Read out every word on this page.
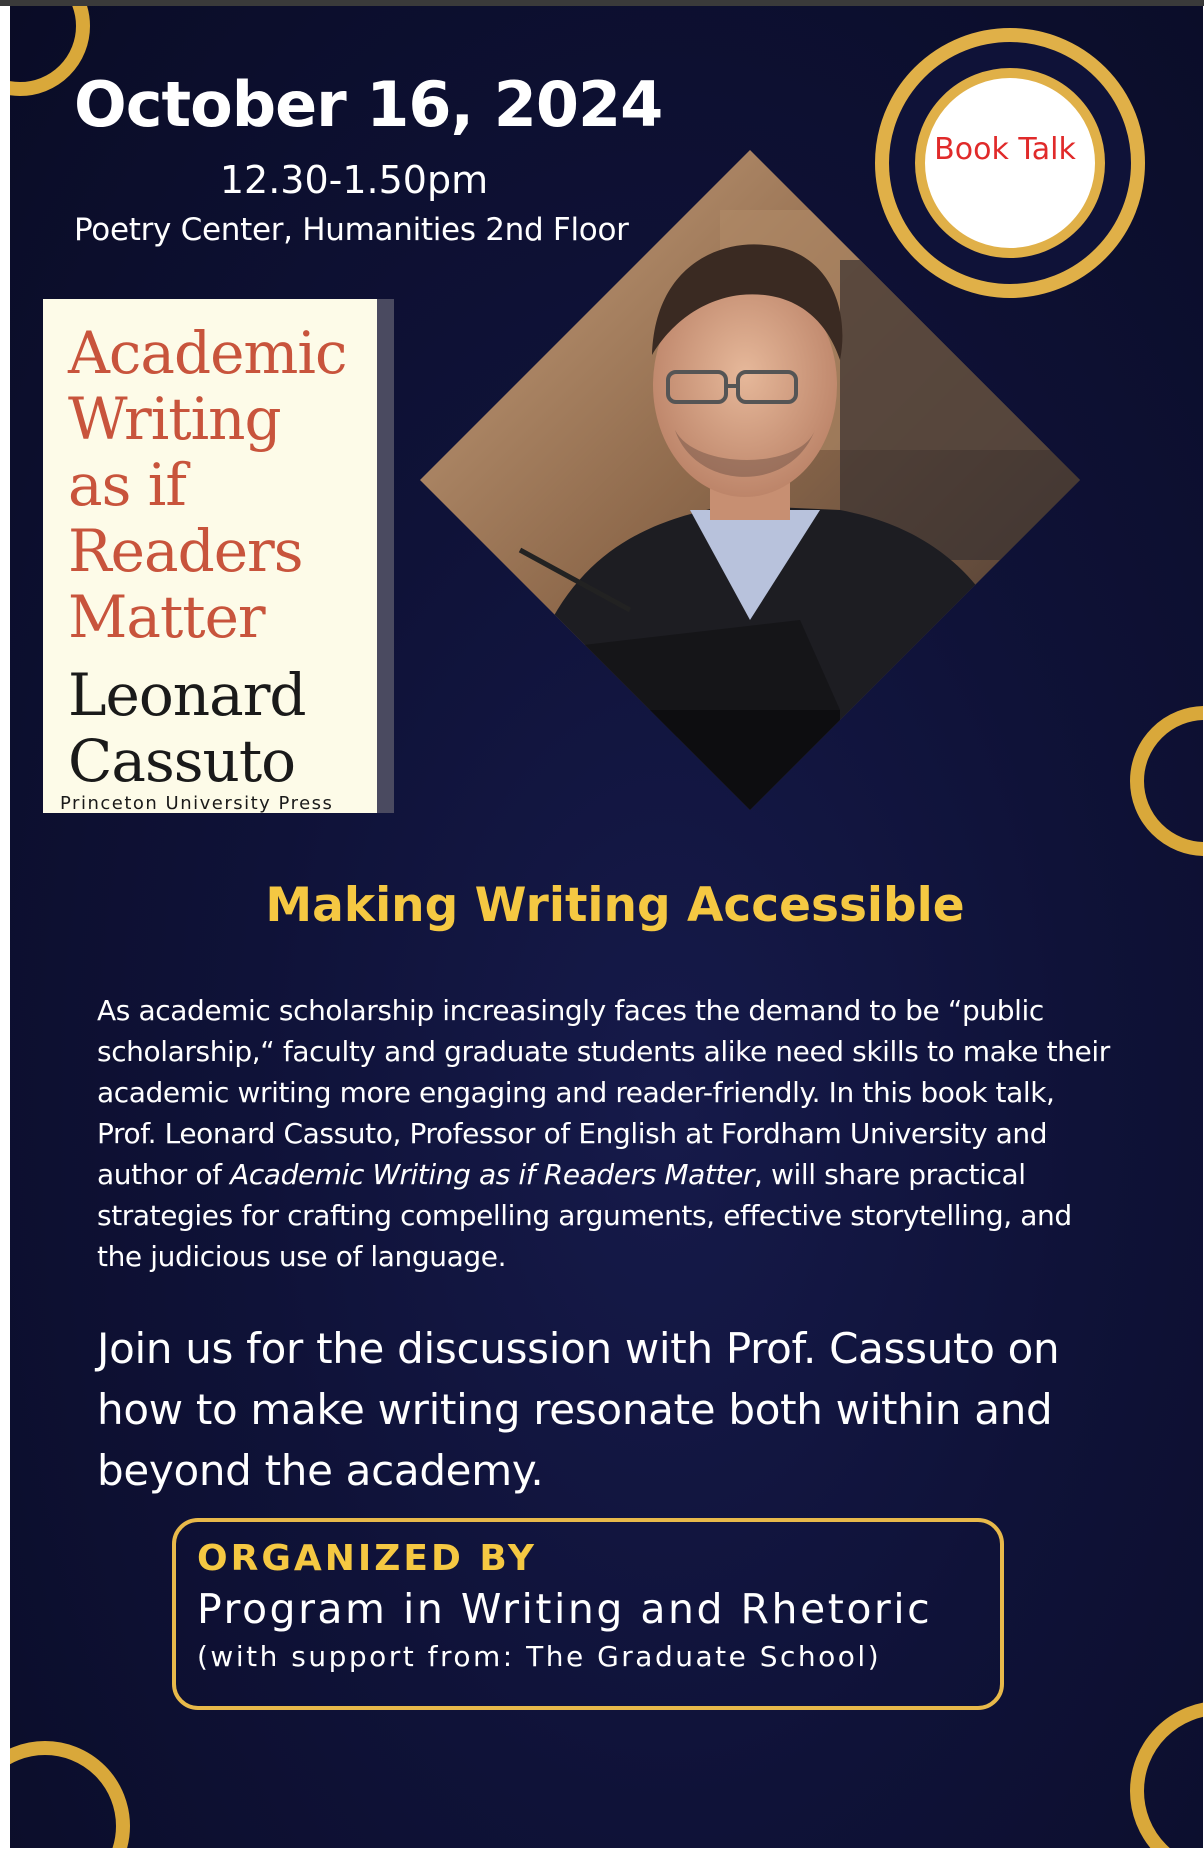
Book Talk
October 16, 2024
12.30-1.50pm
Poetry Center, Humanities 2nd Floor
Academic
Writing
as if
Readers
Matter
Leonard
Cassuto
Princeton University Press
Making Writing Accessible
As academic scholarship increasingly faces the demand to be “public scholarship,“ faculty and graduate students alike need skills to make their academic writing more engaging and reader-friendly. In this book talk, Prof. Leonard Cassuto, Professor of English at Fordham University and author of Academic Writing as if Readers Matter, will share practical strategies for crafting compelling arguments, effective storytelling, and the judicious use of language.
Join us for the discussion with Prof. Cassuto on how to make writing resonate both within and beyond the academy.
ORGANIZED BY
Program in Writing and Rhetoric
(with support from: The Graduate School)
